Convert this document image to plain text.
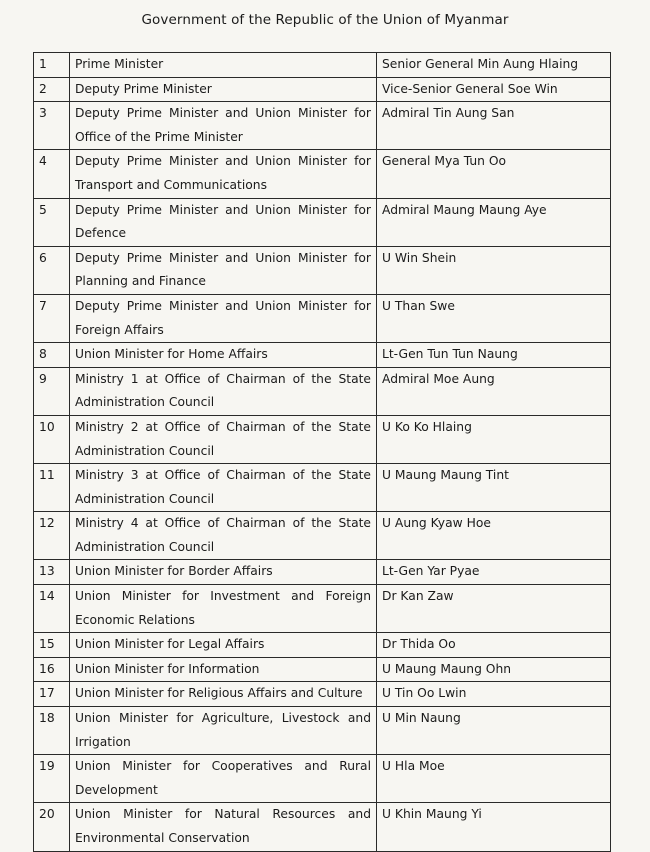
Government of the Republic of the Union of Myanmar
1	Prime Minister	Senior General Min Aung Hlaing
2	Deputy Prime Minister	Vice-Senior General Soe Win
3	Deputy Prime Minister and Union Minister for Office of the Prime Minister	Admiral Tin Aung San
4	Deputy Prime Minister and Union Minister for Transport and Communications	General Mya Tun Oo
5	Deputy Prime Minister and Union Minister for Defence	Admiral Maung Maung Aye
6	Deputy Prime Minister and Union Minister for Planning and Finance	U Win Shein
7	Deputy Prime Minister and Union Minister for Foreign Affairs	U Than Swe
8	Union Minister for Home Affairs	Lt-Gen Tun Tun Naung
9	Ministry 1 at Office of Chairman of the State Administration Council	Admiral Moe Aung
10	Ministry 2 at Office of Chairman of the State Administration Council	U Ko Ko Hlaing
11	Ministry 3 at Office of Chairman of the State Administration Council	U Maung Maung Tint
12	Ministry 4 at Office of Chairman of the State Administration Council	U Aung Kyaw Hoe
13	Union Minister for Border Affairs	Lt-Gen Yar Pyae
14	Union Minister for Investment and Foreign Economic Relations	Dr Kan Zaw
15	Union Minister for Legal Affairs	Dr Thida Oo
16	Union Minister for Information	U Maung Maung Ohn
17	Union Minister for Religious Affairs and Culture	U Tin Oo Lwin
18	Union Minister for Agriculture, Livestock and Irrigation	U Min Naung
19	Union Minister for Cooperatives and Rural Development	U Hla Moe
20	Union Minister for Natural Resources and Environmental Conservation	U Khin Maung Yi
